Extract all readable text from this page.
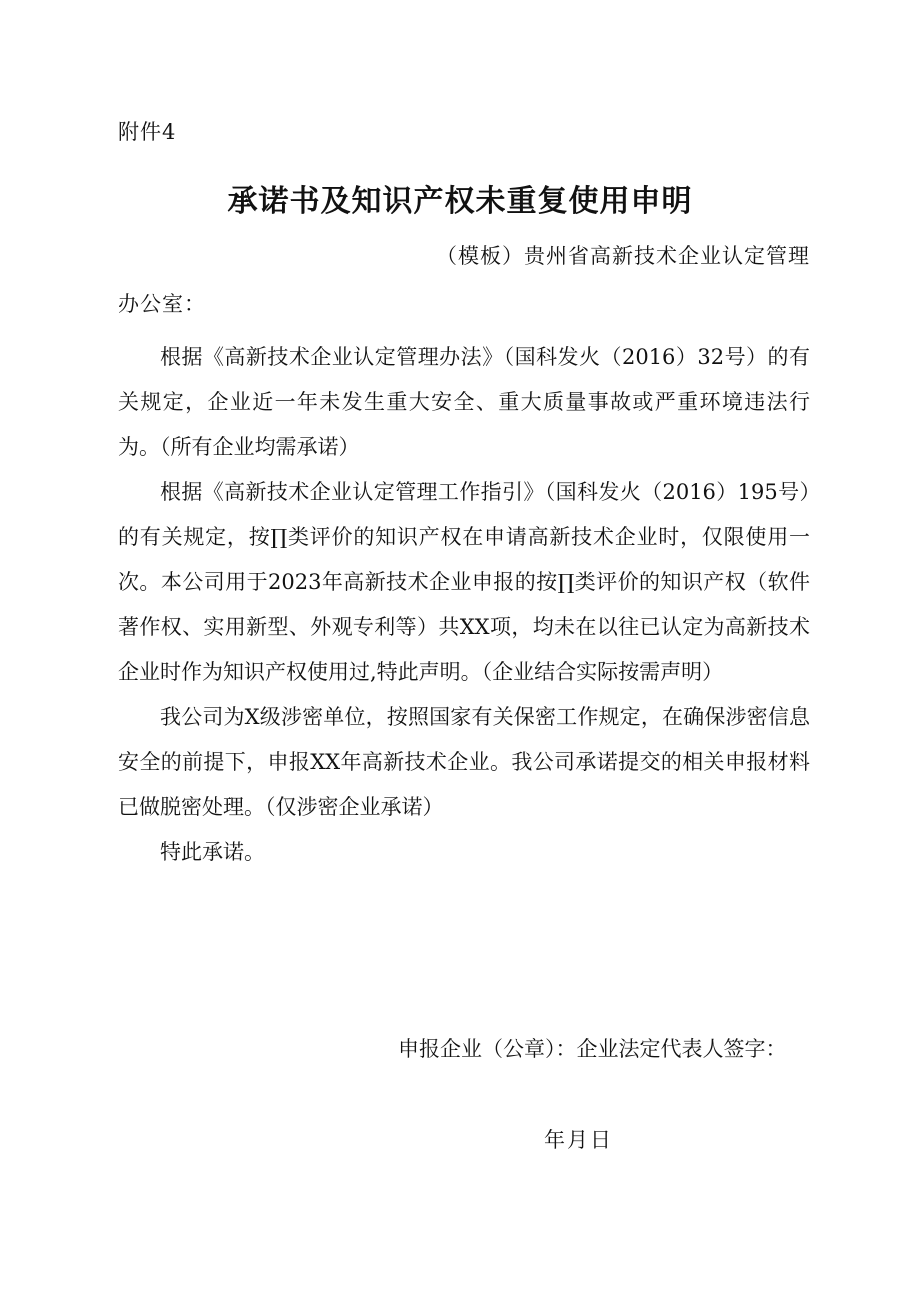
附件4
承诺书及知识产权未重复使用申明
（模板）贵州省高新技术企业认定管理
办公室：

根据《高新技术企业认定管理办法》（国科发火（2016）32号）的有关规定，企业近一年未发生重大安全、重大质量事故或严重环境违法行为。（所有企业均需承诺）

根据《高新技术企业认定管理工作指引》（国科发火（2016）195号）的有关规定，按∏类评价的知识产权在申请高新技术企业时，仅限使用一次。本公司用于2023年高新技术企业申报的按∏类评价的知识产权（软件著作权、实用新型、外观专利等）共XX项，均未在以往已认定为高新技术企业时作为知识产权使用过,特此声明。（企业结合实际按需声明）

我公司为X级涉密单位，按照国家有关保密工作规定，在确保涉密信息安全的前提下，申报XX年高新技术企业。我公司承诺提交的相关申报材料已做脱密处理。（仅涉密企业承诺）

特此承诺。

申报企业（公章）：企业法定代表人签字：
年月日
